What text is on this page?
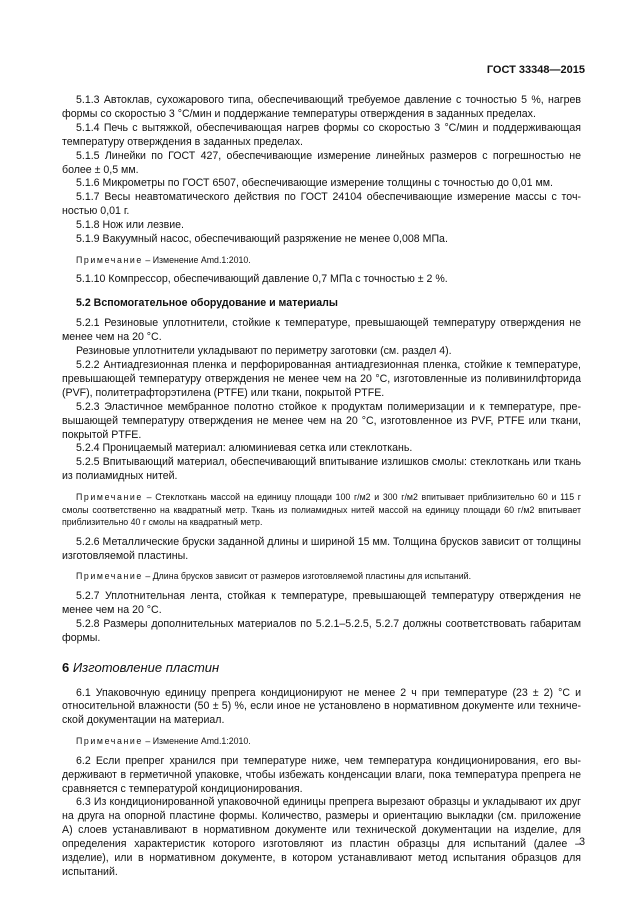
ГОСТ 33348—2015

5.1.3 Автоклав, сухожарового типа, обеспечивающий требуемое давление с точностью 5 %, нагрев формы со скоростью 3 °С/мин и поддержание температуры отверждения в заданных пределах.

5.1.4 Печь с вытяжкой, обеспечивающая нагрев формы со скоростью 3 °С/мин и поддерживающая температуру отверждения в заданных пределах.

5.1.5 Линейки по ГОСТ 427, обеспечивающие измерение линейных размеров с погрешностью не более ± 0,5 мм.

5.1.6 Микрометры по ГОСТ 6507, обеспечивающие измерение толщины с точностью до 0,01 мм.

5.1.7 Весы неавтоматического действия по ГОСТ 24104 обеспечивающие измерение массы с точностью 0,01 г.

5.1.8 Нож или лезвие.

5.1.9 Вакуумный насос, обеспечивающий разряжение не менее 0,008 МПа.

Примечание – Изменение Amd.1:2010.

5.1.10 Компрессор, обеспечивающий давление 0,7 МПа с точностью ± 2 %.

5.2 Вспомогательное оборудование и материалы

5.2.1 Резиновые уплотнители, стойкие к температуре, превышающей температуру отверждения не менее чем на 20 °С.

Резиновые уплотнители укладывают по периметру заготовки (см. раздел 4).

5.2.2 Антиадгезионная пленка и перфорированная антиадгезионная пленка, стойкие к температуре, превышающей температуру отверждения не менее чем на 20 °С, изготовленные из поливинилфторида (PVF), политетрафторэтилена (PTFE) или ткани, покрытой PTFE.

5.2.3 Эластичное мембранное полотно стойкое к продуктам полимеризации и к температуре, превышающей температуру отверждения не менее чем на 20 °С, изготовленное из PVF, PTFE или ткани, покрытой PTFE.

5.2.4 Проницаемый материал: алюминиевая сетка или стеклоткань.

5.2.5 Впитывающий материал, обеспечивающий впитывание излишков смолы: стеклоткань или ткань из полиамидных нитей.

Примечание – Стеклоткань массой на единицу площади 100 г/м2 и 300 г/м2 впитывает приблизительно 60 и 115 г смолы соответственно на квадратный метр. Ткань из полиамидных нитей массой на единицу площади 60 г/м2 впитывает приблизительно 40 г смолы на квадратный метр.

5.2.6 Металлические бруски заданной длины и шириной 15 мм. Толщина брусков зависит от толщины изготовляемой пластины.

Примечание – Длина брусков зависит от размеров изготовляемой пластины для испытаний.

5.2.7 Уплотнительная лента, стойкая к температуре, превышающей температуру отверждения не менее чем на 20 °С.

5.2.8 Размеры дополнительных материалов по 5.2.1–5.2.5, 5.2.7 должны соответствовать габаритам формы.

6 Изготовление пластин

6.1 Упаковочную единицу препрега кондиционируют не менее 2 ч при температуре (23 ± 2) °С и относительной влажности (50 ± 5) %, если иное не установлено в нормативном документе или технической документации на материал.

Примечание – Изменение Amd.1:2010.

6.2 Если препрег хранился при температуре ниже, чем температура кондиционирования, его выдерживают в герметичной упаковке, чтобы избежать конденсации влаги, пока температура препрега не сравняется с температурой кондиционирования.

6.3 Из кондиционированной упаковочной единицы препрега вырезают образцы и укладывают их друг на друга на опорной пластине формы. Количество, размеры и ориентацию выкладки (см. приложение А) слоев устанавливают в нормативном документе или технической документации на изделие, для определения характеристик которого изготовляют из пластин образцы для испытаний (далее – изделие), или в нормативном документе, в котором устанавливают метод испытания образцов для испытаний.

3
